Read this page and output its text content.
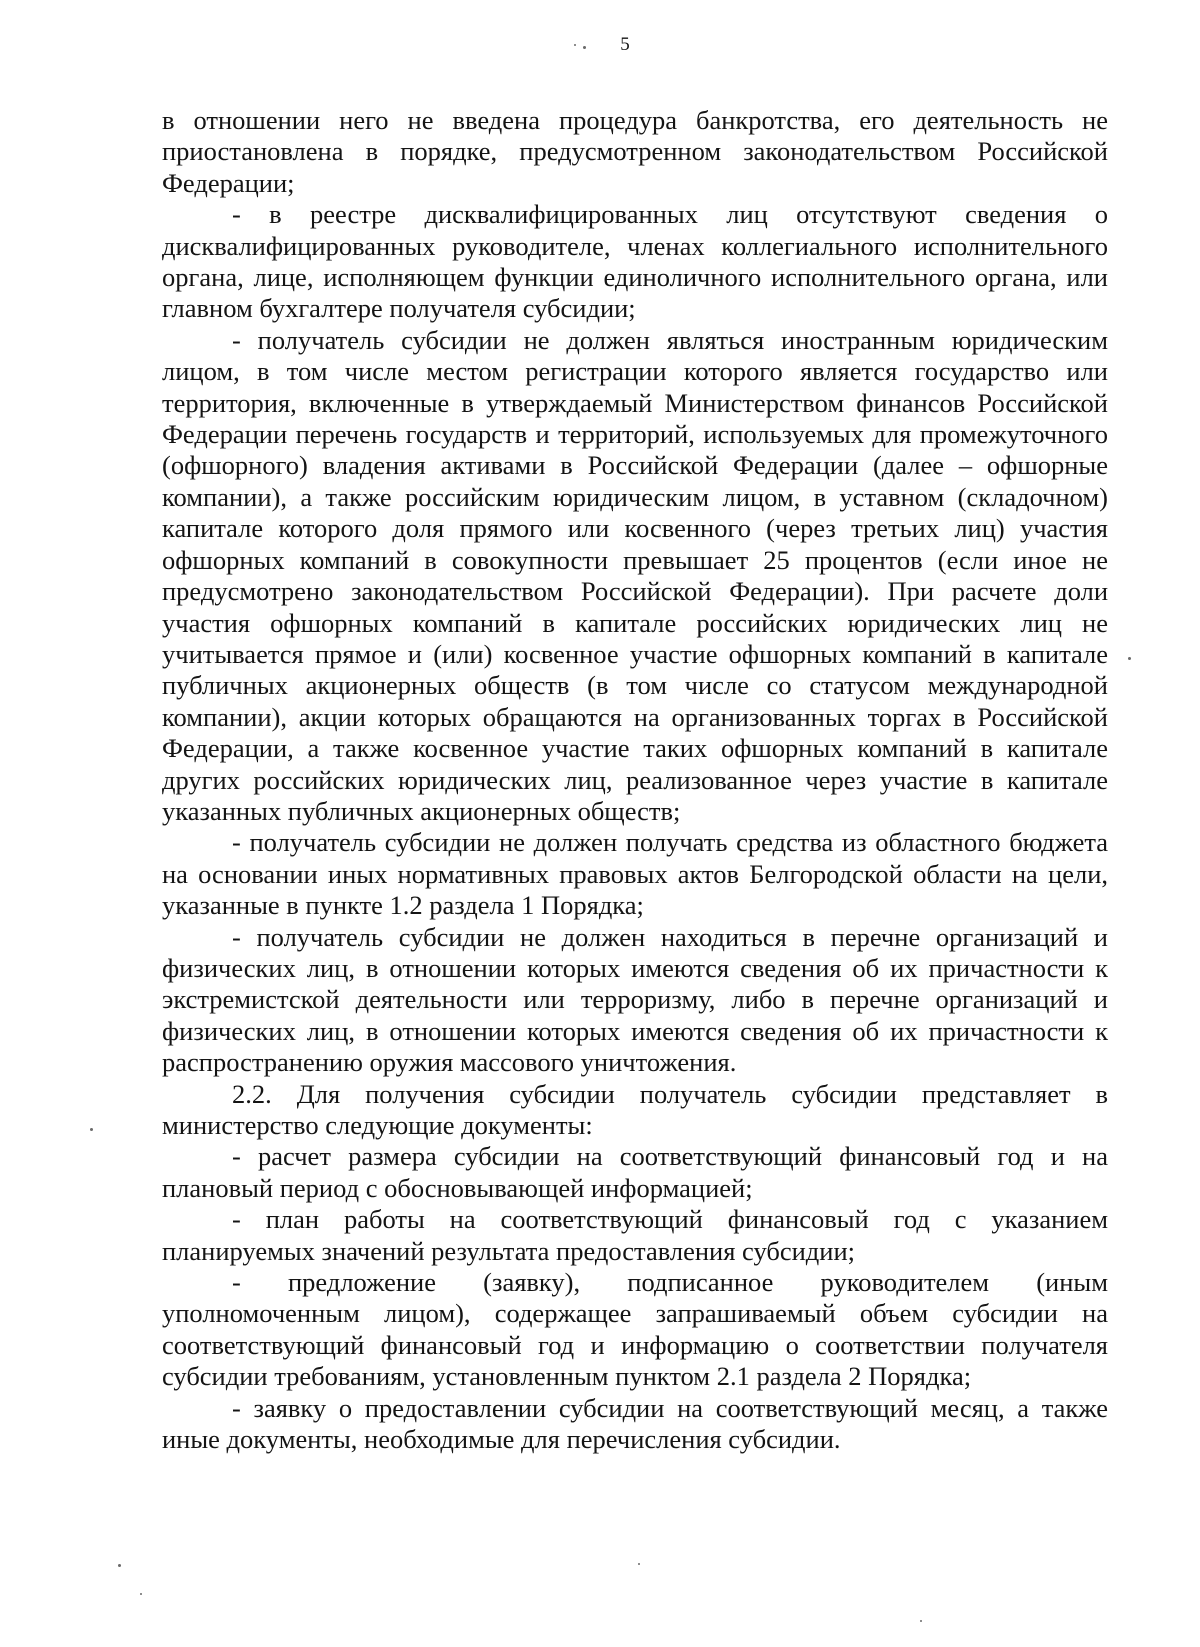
5

в отношении него не введена процедура банкротства, его деятельность не приостановлена в порядке, предусмотренном законодательством Российской Федерации;

- в реестре дисквалифицированных лиц отсутствуют сведения о дисквалифицированных руководителе, членах коллегиального исполнительного органа, лице, исполняющем функции единоличного исполнительного органа, или главном бухгалтере получателя субсидии;

- получатель субсидии не должен являться иностранным юридическим лицом, в том числе местом регистрации которого является государство или территория, включенные в утверждаемый Министерством финансов Российской Федерации перечень государств и территорий, используемых для промежуточного (офшорного) владения активами в Российской Федерации (далее – офшорные компании), а также российским юридическим лицом, в уставном (складочном) капитале которого доля прямого или косвенного (через третьих лиц) участия офшорных компаний в совокупности превышает 25 процентов (если иное не предусмотрено законодательством Российской Федерации). При расчете доли участия офшорных компаний в капитале российских юридических лиц не учитывается прямое и (или) косвенное участие офшорных компаний в капитале публичных акционерных обществ (в том числе со статусом международной компании), акции которых обращаются на организованных торгах в Российской Федерации, а также косвенное участие таких офшорных компаний в капитале других российских юридических лиц, реализованное через участие в капитале указанных публичных акционерных обществ;

- получатель субсидии не должен получать средства из областного бюджета на основании иных нормативных правовых актов Белгородской области на цели, указанные в пункте 1.2 раздела 1 Порядка;

- получатель субсидии не должен находиться в перечне организаций и физических лиц, в отношении которых имеются сведения об их причастности к экстремистской деятельности или терроризму, либо в перечне организаций и физических лиц, в отношении которых имеются сведения об их причастности к распространению оружия массового уничтожения.

2.2. Для получения субсидии получатель субсидии представляет в министерство следующие документы:

- расчет размера субсидии на соответствующий финансовый год и на плановый период с обосновывающей информацией;

- план работы на соответствующий финансовый год с указанием планируемых значений результата предоставления субсидии;

- предложение (заявку), подписанное руководителем (иным уполномоченным лицом), содержащее запрашиваемый объем субсидии на соответствующий финансовый год и информацию о соответствии получателя субсидии требованиям, установленным пунктом 2.1 раздела 2 Порядка;

- заявку о предоставлении субсидии на соответствующий месяц, а также иные документы, необходимые для перечисления субсидии.
